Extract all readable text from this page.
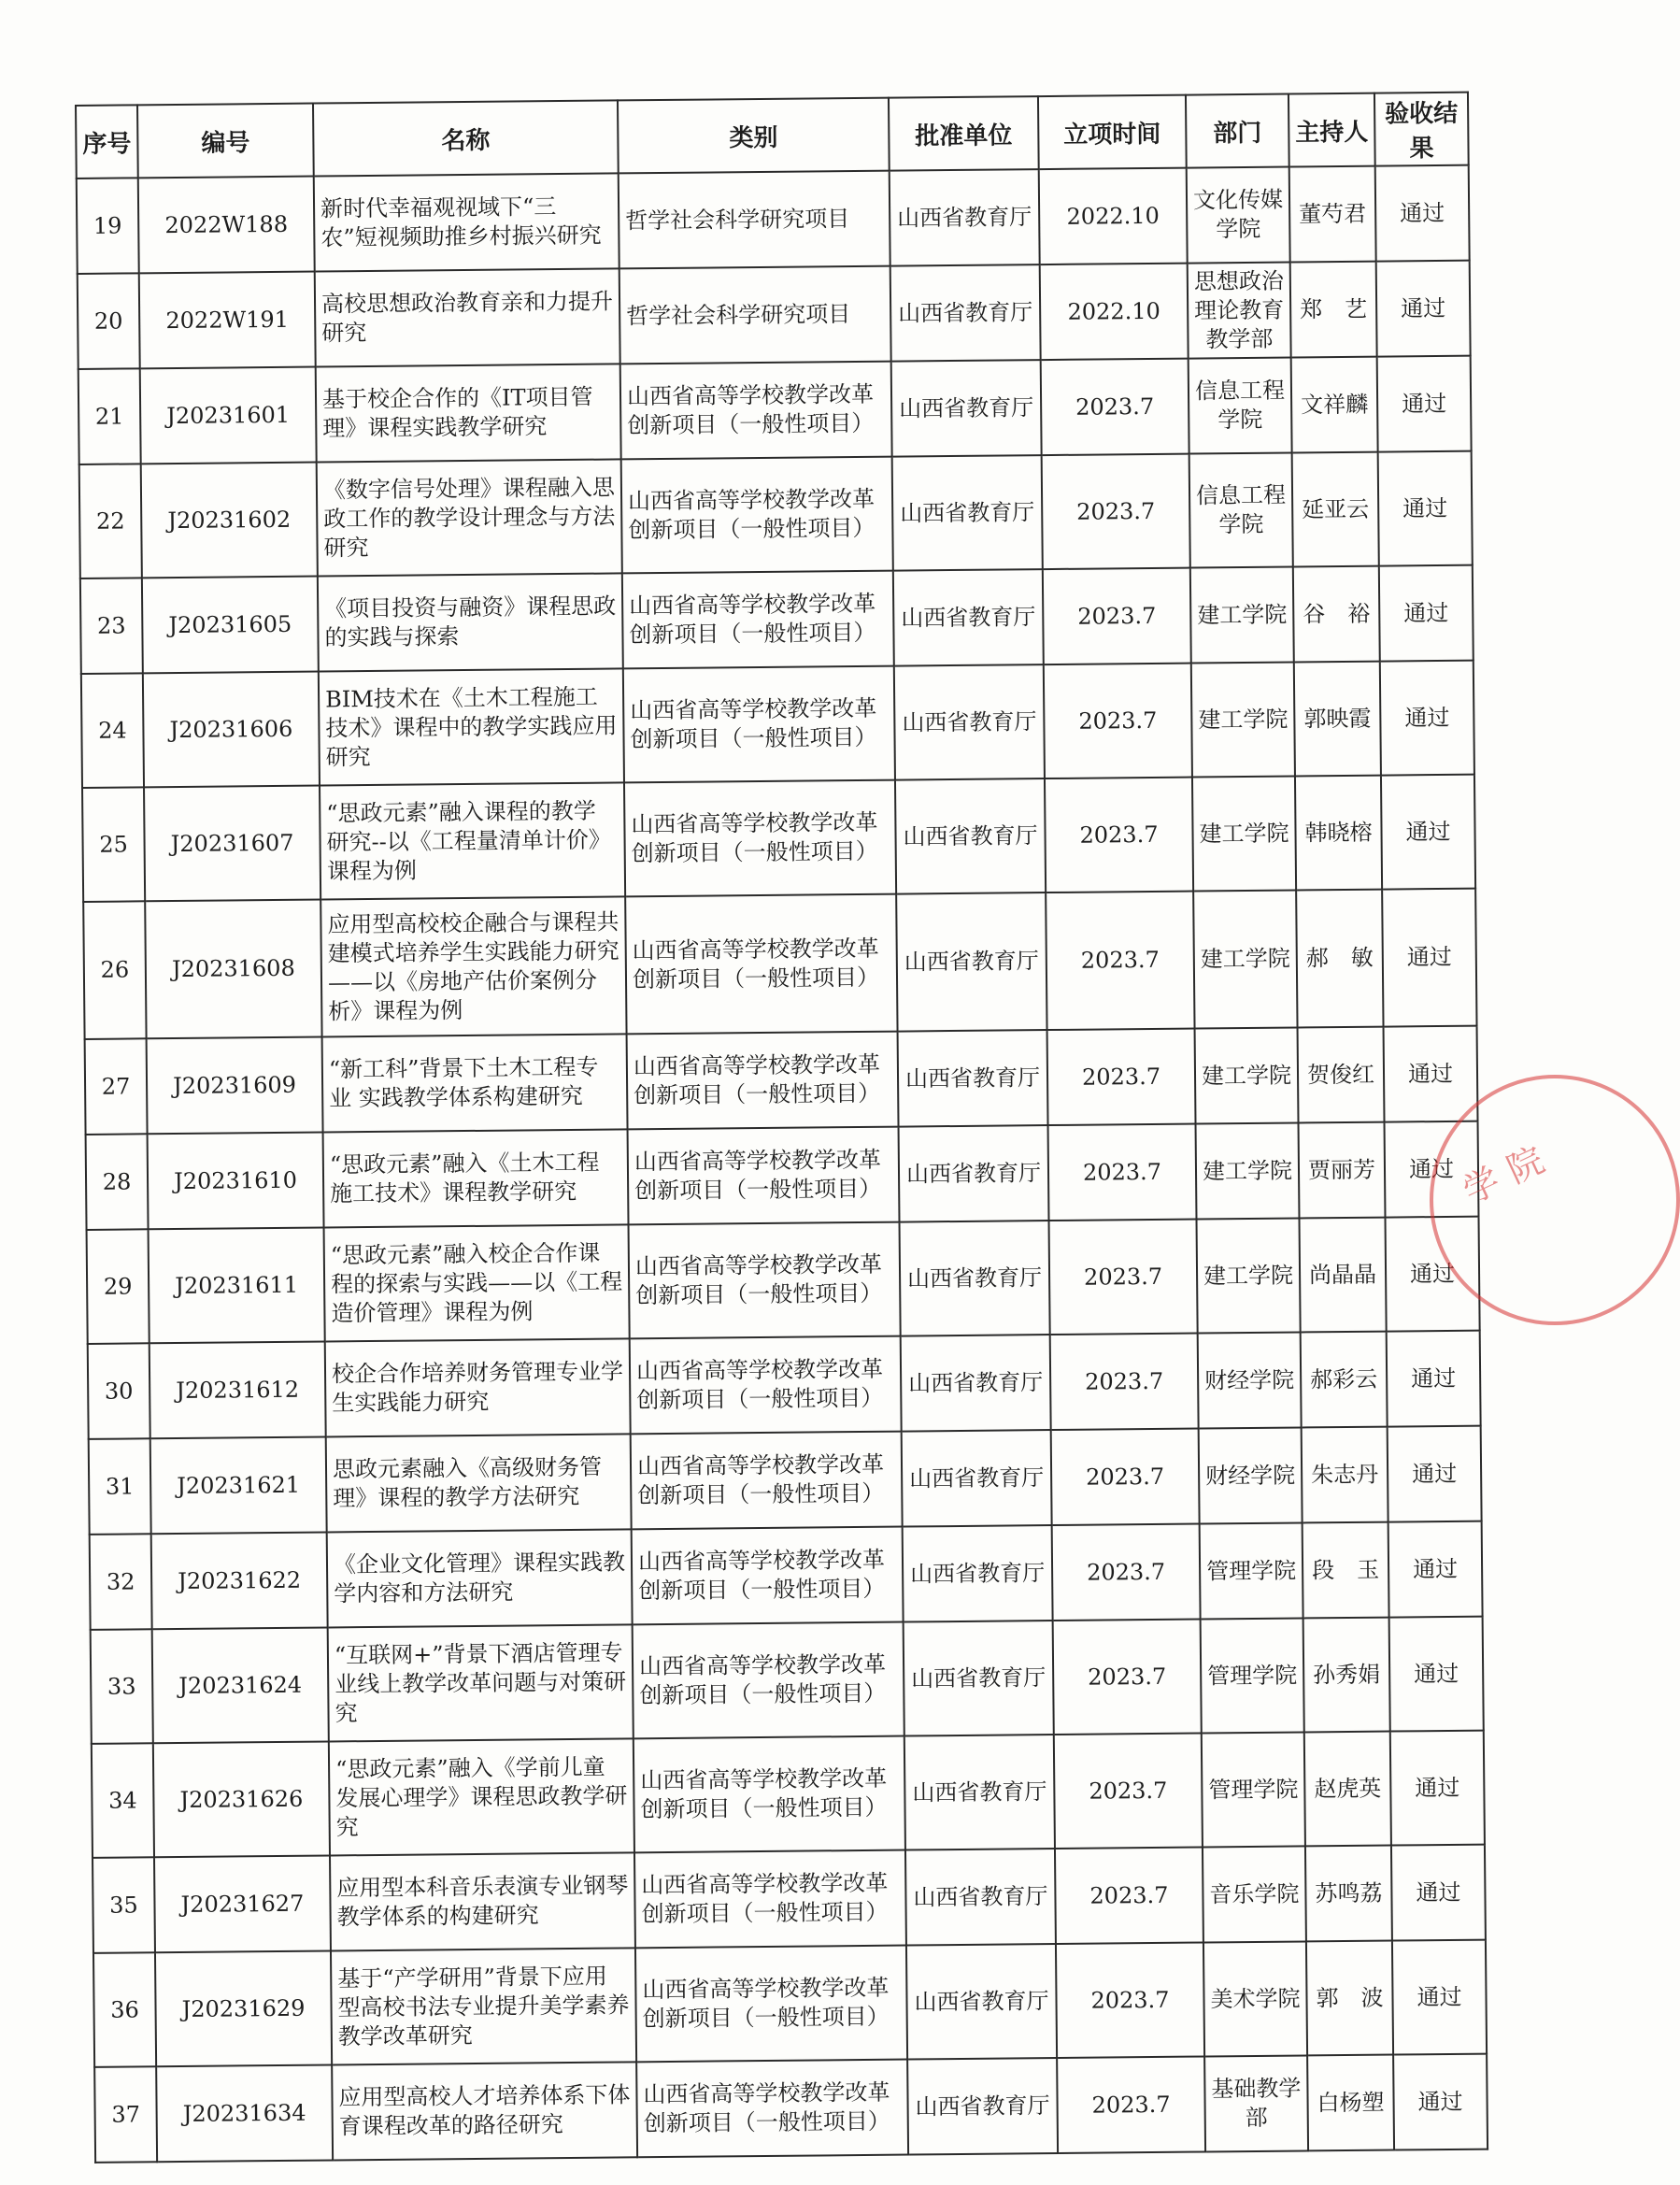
序号	编号	名称	类别	批准单位	立项时间	部门	主持人	验收结果
19	2022W188	新时代幸福观视域下“三农”短视频助推乡村振兴研究	哲学社会科学研究项目	山西省教育厅	2022.10	文化传媒学院	董芍君	通过
20	2022W191	高校思想政治教育亲和力提升研究	哲学社会科学研究项目	山西省教育厅	2022.10	思想政治理论教育教学部	郑　艺	通过
21	J20231601	基于校企合作的《IT项目管理》课程实践教学研究	山西省高等学校教学改革创新项目（一般性项目）	山西省教育厅	2023.7	信息工程学院	文祥麟	通过
22	J20231602	《数字信号处理》课程融入思政工作的教学设计理念与方法研究	山西省高等学校教学改革创新项目（一般性项目）	山西省教育厅	2023.7	信息工程学院	延亚云	通过
23	J20231605	《项目投资与融资》课程思政的实践与探索	山西省高等学校教学改革创新项目（一般性项目）	山西省教育厅	2023.7	建工学院	谷　裕	通过
24	J20231606	BIM技术在《土木工程施工技术》课程中的教学实践应用研究	山西省高等学校教学改革创新项目（一般性项目）	山西省教育厅	2023.7	建工学院	郭映霞	通过
25	J20231607	“思政元素”融入课程的教学研究--以《工程量清单计价》课程为例	山西省高等学校教学改革创新项目（一般性项目）	山西省教育厅	2023.7	建工学院	韩晓榕	通过
26	J20231608	应用型高校校企融合与课程共建模式培养学生实践能力研究——以《房地产估价案例分析》课程为例	山西省高等学校教学改革创新项目（一般性项目）	山西省教育厅	2023.7	建工学院	郝　敏	通过
27	J20231609	“新工科”背景下土木工程专业 实践教学体系构建研究	山西省高等学校教学改革创新项目（一般性项目）	山西省教育厅	2023.7	建工学院	贺俊红	通过
28	J20231610	“思政元素”融入《土木工程施工技术》课程教学研究	山西省高等学校教学改革创新项目（一般性项目）	山西省教育厅	2023.7	建工学院	贾丽芳	通过
29	J20231611	“思政元素”融入校企合作课程的探索与实践——以《工程造价管理》课程为例	山西省高等学校教学改革创新项目（一般性项目）	山西省教育厅	2023.7	建工学院	尚晶晶	通过
30	J20231612	校企合作培养财务管理专业学生实践能力研究	山西省高等学校教学改革创新项目（一般性项目）	山西省教育厅	2023.7	财经学院	郝彩云	通过
31	J20231621	思政元素融入《高级财务管理》课程的教学方法研究	山西省高等学校教学改革创新项目（一般性项目）	山西省教育厅	2023.7	财经学院	朱志丹	通过
32	J20231622	《企业文化管理》课程实践教学内容和方法研究	山西省高等学校教学改革创新项目（一般性项目）	山西省教育厅	2023.7	管理学院	段　玉	通过
33	J20231624	“互联网+”背景下酒店管理专业线上教学改革问题与对策研究	山西省高等学校教学改革创新项目（一般性项目）	山西省教育厅	2023.7	管理学院	孙秀娟	通过
34	J20231626	“思政元素”融入《学前儿童发展心理学》课程思政教学研究	山西省高等学校教学改革创新项目（一般性项目）	山西省教育厅	2023.7	管理学院	赵虎英	通过
35	J20231627	应用型本科音乐表演专业钢琴教学体系的构建研究	山西省高等学校教学改革创新项目（一般性项目）	山西省教育厅	2023.7	音乐学院	苏鸣荔	通过
36	J20231629	基于“产学研用”背景下应用型高校书法专业提升美学素养教学改革研究	山西省高等学校教学改革创新项目（一般性项目）	山西省教育厅	2023.7	美术学院	郭　波	通过
37	J20231634	应用型高校人才培养体系下体育课程改革的路径研究	山西省高等学校教学改革创新项目（一般性项目）	山西省教育厅	2023.7	基础教学部	白杨塑	通过
学院
